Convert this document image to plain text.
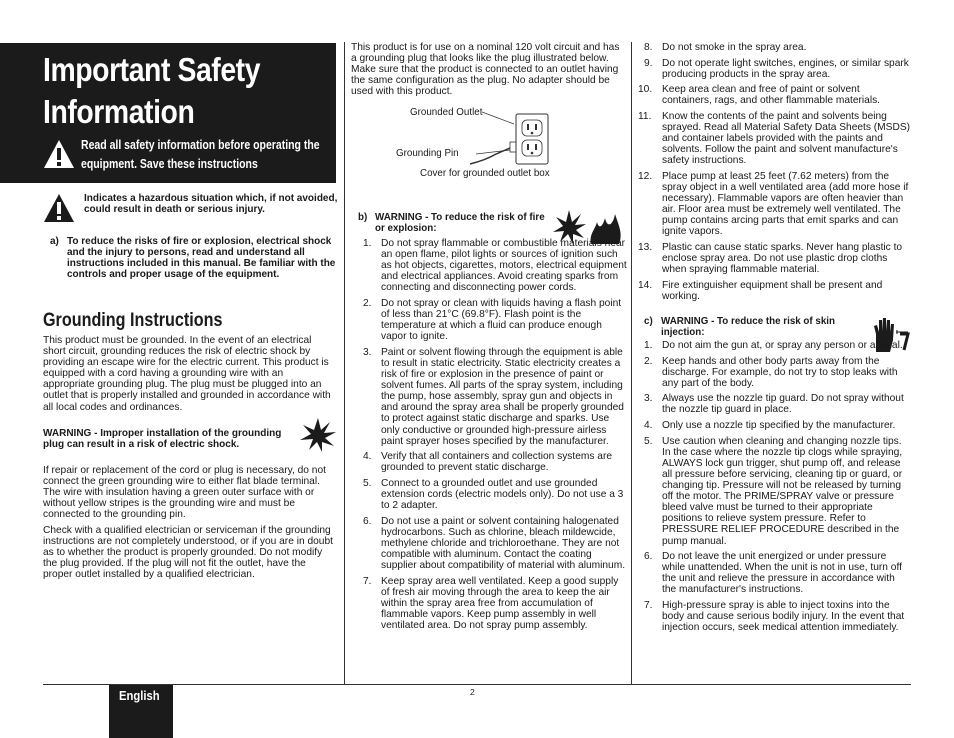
Important Safety Information
Read all safety information before operating the equipment. Save these instructions
Indicates a hazardous situation which, if not avoided, could result in death or serious injury.
a) To reduce the risks of fire or explosion, electrical shock and the injury to persons, read and understand all instructions included in this manual. Be familiar with the controls and proper usage of the equipment.
Grounding Instructions
This product must be grounded. In the event of an electrical short circuit, grounding reduces the risk of electric shock by providing an escape wire for the electric current. This product is equipped with a cord having a grounding wire with an appropriate grounding plug. The plug must be plugged into an outlet that is properly installed and grounded in accordance with all local codes and ordinances.
WARNING - Improper installation of the grounding plug can result in a risk of electric shock.
If repair or replacement of the cord or plug is necessary, do not connect the green grounding wire to either flat blade terminal. The wire with insulation having a green outer surface with or without yellow stripes is the grounding wire and must be connected to the grounding pin.
Check with a qualified electrician or serviceman if the grounding instructions are not completely understood, or if you are in doubt as to whether the product is properly grounded. Do not modify the plug provided. If the plug will not fit the outlet, have the proper outlet installed by a qualified electrician.
This product is for use on a nominal 120 volt circuit and has a grounding plug that looks like the plug illustrated below. Make sure that the product is connected to an outlet having the same configuration as the plug. No adapter should be used with this product.
Grounded Outlet
Grounding Pin
Cover for grounded outlet box
b) WARNING - To reduce the risk of fire or explosion:
1. Do not spray flammable or combustible materials near an open flame, pilot lights or sources of ignition such as hot objects, cigarettes, motors, electrical equipment and electrical appliances. Avoid creating sparks from connecting and disconnecting power cords.
2. Do not spray or clean with liquids having a flash point of less than 21°C (69.8°F). Flash point is the temperature at which a fluid can produce enough vapor to ignite.
3. Paint or solvent flowing through the equipment is able to result in static electricity. Static electricity creates a risk of fire or explosion in the presence of paint or solvent fumes. All parts of the spray system, including the pump, hose assembly, spray gun and objects in and around the spray area shall be properly grounded to protect against static discharge and sparks. Use only conductive or grounded high-pressure airless paint sprayer hoses specified by the manufacturer.
4. Verify that all containers and collection systems are grounded to prevent static discharge.
5. Connect to a grounded outlet and use grounded extension cords (electric models only). Do not use a 3 to 2 adapter.
6. Do not use a paint or solvent containing halogenated hydrocarbons. Such as chlorine, bleach mildewcide, methylene chloride and trichloroethane. They are not compatible with aluminum. Contact the coating supplier about compatibility of material with aluminum.
7. Keep spray area well ventilated. Keep a good supply of fresh air moving through the area to keep the air within the spray area free from accumulation of flammable vapors. Keep pump assembly in well ventilated area. Do not spray pump assembly.
8. Do not smoke in the spray area.
9. Do not operate light switches, engines, or similar spark producing products in the spray area.
10. Keep area clean and free of paint or solvent containers, rags, and other flammable materials.
11. Know the contents of the paint and solvents being sprayed. Read all Material Safety Data Sheets (MSDS) and container labels provided with the paints and solvents. Follow the paint and solvent manufacture's safety instructions.
12. Place pump at least 25 feet (7.62 meters) from the spray object in a well ventilated area (add more hose if necessary). Flammable vapors are often heavier than air. Floor area must be extremely well ventilated. The pump contains arcing parts that emit sparks and can ignite vapors.
13. Plastic can cause static sparks. Never hang plastic to enclose spray area. Do not use plastic drop cloths when spraying flammable material.
14. Fire extinguisher equipment shall be present and working.
c) WARNING - To reduce the risk of skin injection:
1. Do not aim the gun at, or spray any person or animal.
2. Keep hands and other body parts away from the discharge. For example, do not try to stop leaks with any part of the body.
3. Always use the nozzle tip guard. Do not spray without the nozzle tip guard in place.
4. Only use a nozzle tip specified by the manufacturer.
5. Use caution when cleaning and changing nozzle tips. In the case where the nozzle tip clogs while spraying, ALWAYS lock gun trigger, shut pump off, and release all pressure before servicing, cleaning tip or guard, or changing tip. Pressure will not be released by turning off the motor. The PRIME/SPRAY valve or pressure bleed valve must be turned to their appropriate positions to relieve system pressure. Refer to PRESSURE RELIEF PROCEDURE described in the pump manual.
6. Do not leave the unit energized or under pressure while unattended. When the unit is not in use, turn off the unit and relieve the pressure in accordance with the manufacturer's instructions.
7. High-pressure spray is able to inject toxins into the body and cause serious bodily injury. In the event that injection occurs, seek medical attention immediately.
English	2
